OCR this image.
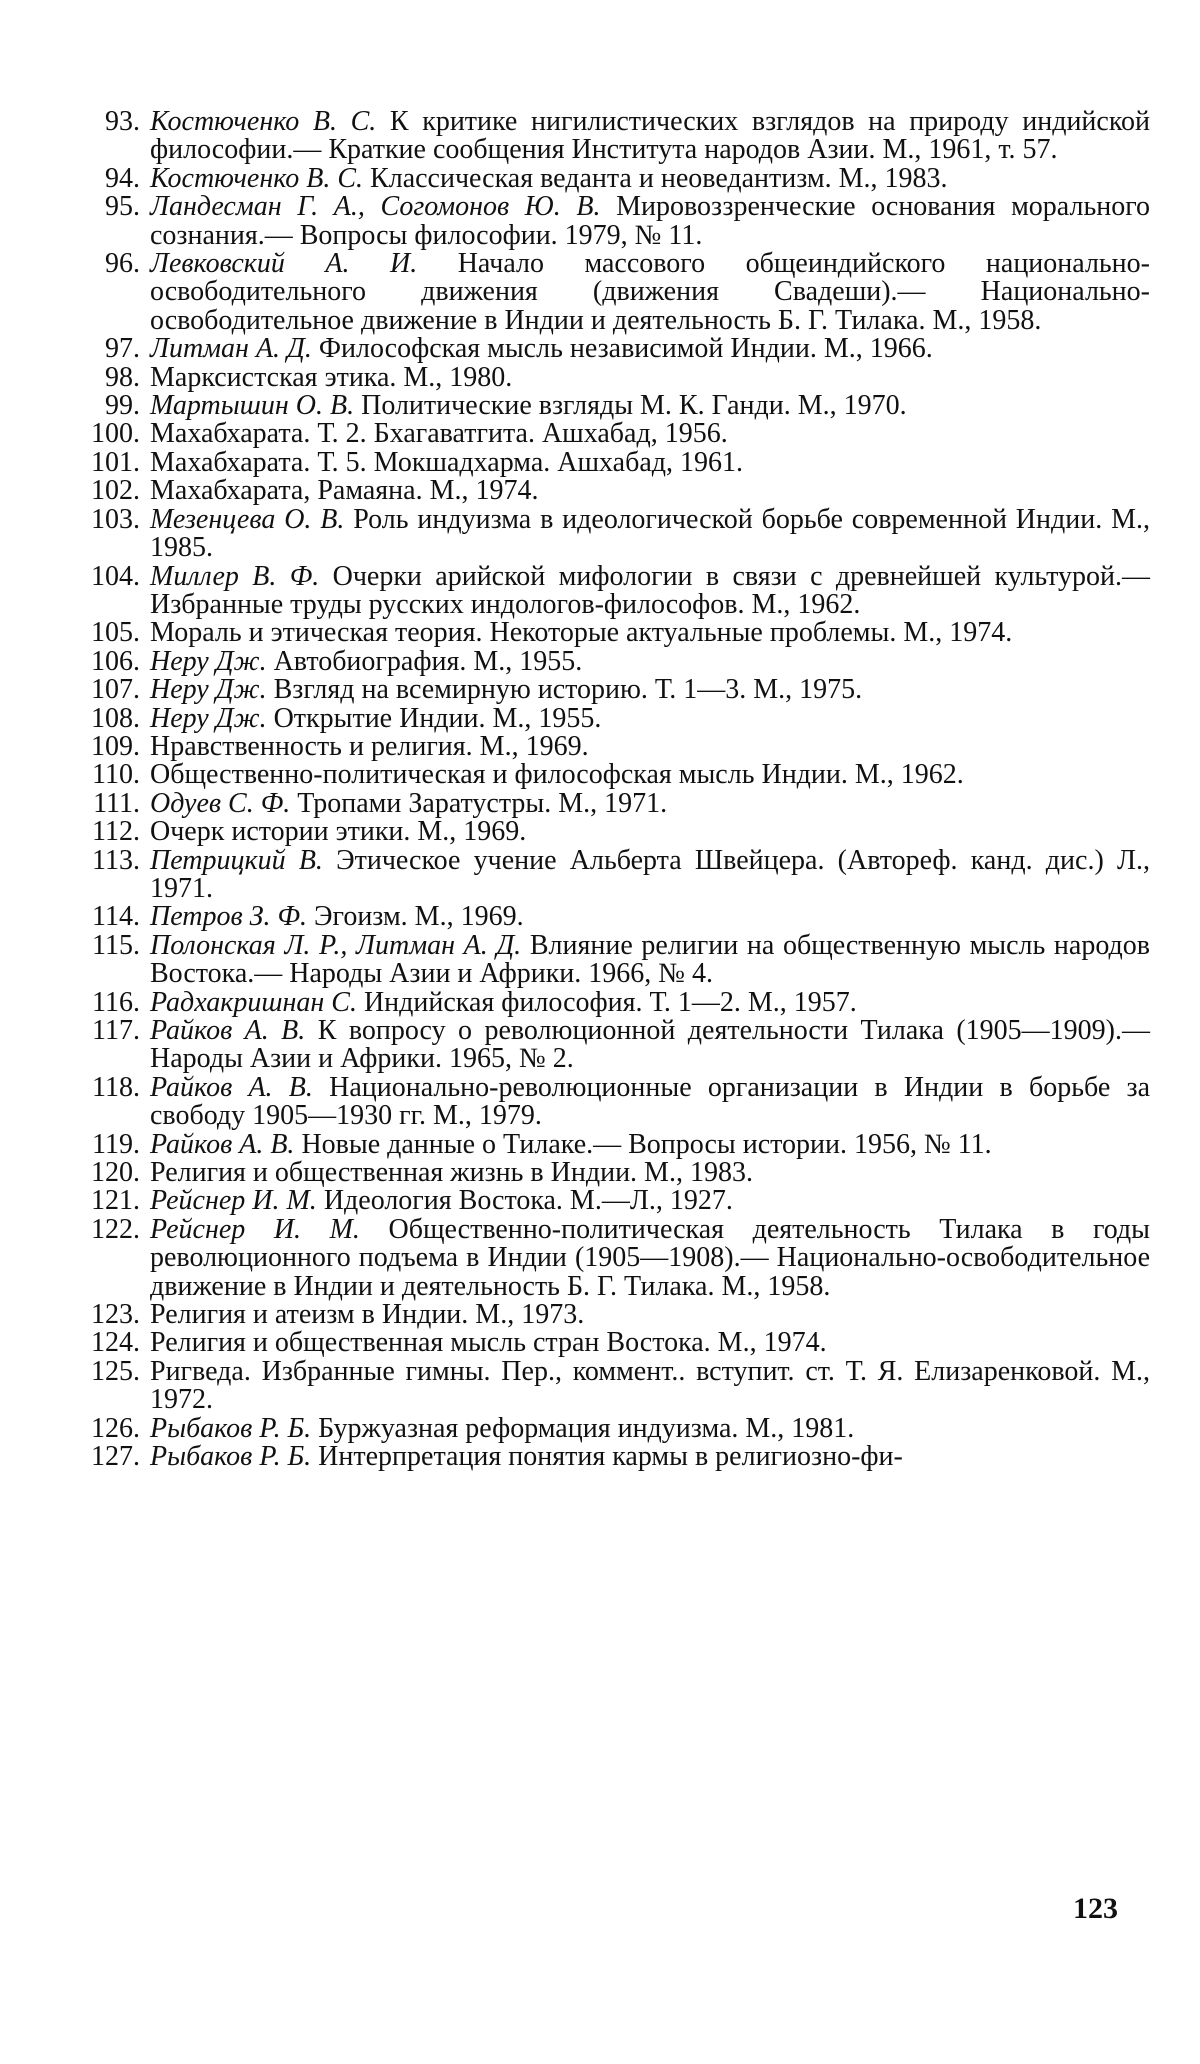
93. Костюченко В. С. К критике нигилистических взглядов на природу индийской философии.— Краткие сообщения Института народов Азии. М., 1961, т. 57.
94. Костюченко В. С. Классическая веданта и неоведантизм. М., 1983.
95. Ландесман Г. А., Согомонов Ю. В. Мировоззренческие основания морального сознания.— Вопросы философии. 1979, № 11.
96. Левковский А. И. Начало массового общеиндийского национально-освободительного движения (движения Свадеши).— Национально-освободительное движение в Индии и деятельность Б. Г. Тилака. М., 1958.
97. Литман А. Д. Философская мысль независимой Индии. М., 1966.
98. Марксистская этика. М., 1980.
99. Мартышин О. В. Политические взгляды М. К. Ганди. М., 1970.
100. Махабхарата. Т. 2. Бхагаватгита. Ашхабад, 1956.
101. Махабхарата. Т. 5. Мокшадхарма. Ашхабад, 1961.
102. Махабхарата, Рамаяна. М., 1974.
103. Мезенцева О. В. Роль индуизма в идеологической борьбе современной Индии. М., 1985.
104. Миллер В. Ф. Очерки арийской мифологии в связи с древнейшей культурой.— Избранные труды русских индологов-философов. М., 1962.
105. Мораль и этическая теория. Некоторые актуальные проблемы. М., 1974.
106. Неру Дж. Автобиография. М., 1955.
107. Неру Дж. Взгляд на всемирную историю. Т. 1—3. М., 1975.
108. Неру Дж. Открытие Индии. М., 1955.
109. Нравственность и религия. М., 1969.
110. Общественно-политическая и философская мысль Индии. М., 1962.
111. Одуев С. Ф. Тропами Заратустры. М., 1971.
112. Очерк истории этики. М., 1969.
113. Петрицкий В. Этическое учение Альберта Швейцера. (Автореф. канд. дис.) Л., 1971.
114. Петров З. Ф. Эгоизм. М., 1969.
115. Полонская Л. Р., Литман А. Д. Влияние религии на общественную мысль народов Востока.— Народы Азии и Африки. 1966, № 4.
116. Радхакришнан С. Индийская философия. Т. 1—2. М., 1957.
117. Райков А. В. К вопросу о революционной деятельности Тилака (1905—1909).— Народы Азии и Африки. 1965, № 2.
118. Райков А. В. Национально-революционные организации в Индии в борьбе за свободу 1905—1930 гг. М., 1979.
119. Райков А. В. Новые данные о Тилаке.— Вопросы истории. 1956, № 11.
120. Религия и общественная жизнь в Индии. М., 1983.
121. Рейснер И. М. Идеология Востока. М.—Л., 1927.
122. Рейснер И. М. Общественно-политическая деятельность Тилака в годы революционного подъема в Индии (1905—1908).— Национально-освободительное движение в Индии и деятельность Б. Г. Тилака. М., 1958.
123. Религия и атеизм в Индии. М., 1973.
124. Религия и общественная мысль стран Востока. М., 1974.
125. Ригведа. Избранные гимны. Пер., коммент.. вступит. ст. Т. Я. Елизаренковой. М., 1972.
126. Рыбаков Р. Б. Буржуазная реформация индуизма. М., 1981.
127. Рыбаков Р. Б. Интерпретация понятия кармы в религиозно-фи-
123
